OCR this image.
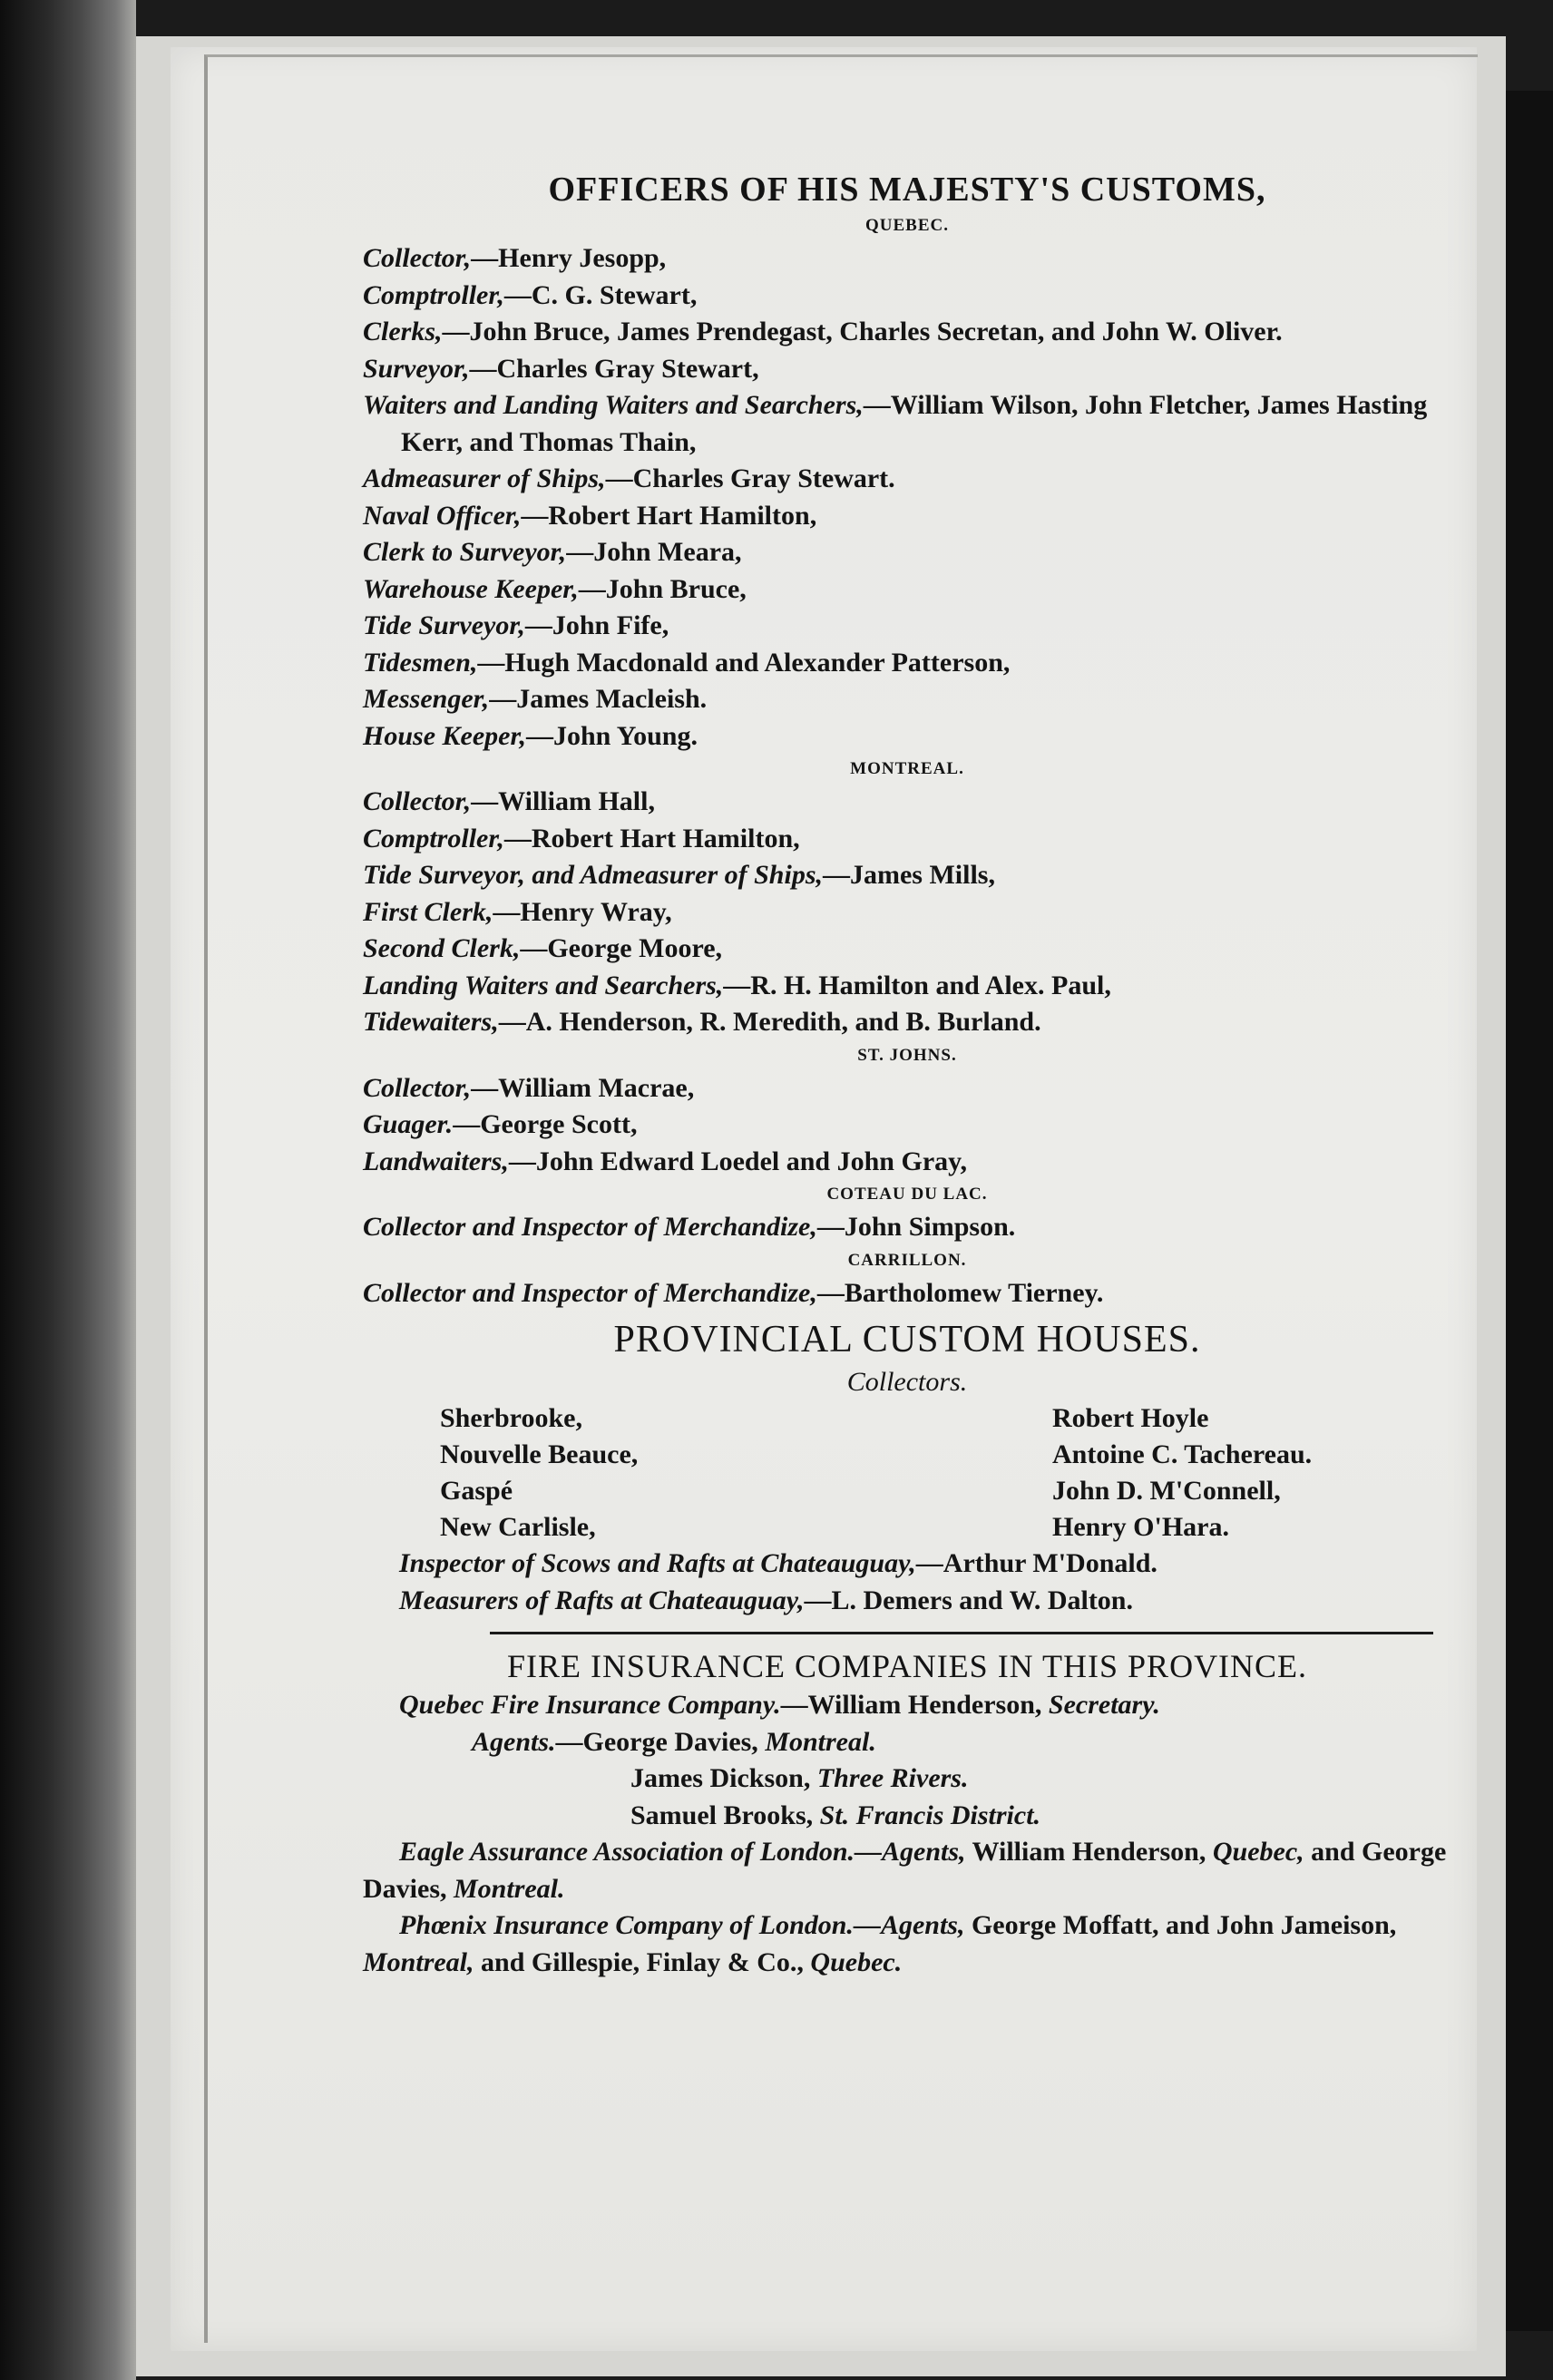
OFFICERS OF HIS MAJESTY'S CUSTOMS,
QUEBEC.
Collector,—Henry Jesopp,
Comptroller,—C. G. Stewart,
Clerks,—John Bruce, James Prendegast, Charles Secretan, and John W. Oliver.
Surveyor,—Charles Gray Stewart,
Waiters and Landing Waiters and Searchers,—William Wilson, John Fletcher, James Hasting Kerr, and Thomas Thain,
Admeasurer of Ships,—Charles Gray Stewart.
Naval Officer,—Robert Hart Hamilton,
Clerk to Surveyor,—John Meara,
Warehouse Keeper,—John Bruce,
Tide Surveyor,—John Fife,
Tidesmen,—Hugh Macdonald and Alexander Patterson,
Messenger,—James Macleish.
House Keeper,—John Young.
MONTREAL.
Collector,—William Hall,
Comptroller,—Robert Hart Hamilton,
Tide Surveyor, and Admeasurer of Ships,—James Mills,
First Clerk,—Henry Wray,
Second Clerk,—George Moore,
Landing Waiters and Searchers,—R. H. Hamilton and Alex. Paul,
Tidewaiters,—A. Henderson, R. Meredith, and B. Burland.
ST. JOHNS.
Collector,—William Macrae,
Guager.—George Scott,
Landwaiters,—John Edward Loedel and John Gray,
COTEAU DU LAC.
Collector and Inspector of Merchandize,—John Simpson.
CARRILLON.
Collector and Inspector of Merchandize,—Bartholomew Tierney.
PROVINCIAL CUSTOM HOUSES.
Collectors.
Sherbrooke,	Robert Hoyle
Nouvelle Beauce,	Antoine C. Tachereau.
Gaspé	John D. M'Connell,
New Carlisle,	Henry O'Hara.
Inspector of Scows and Rafts at Chateauguay,—Arthur M'Donald.
Measurers of Rafts at Chateauguay,—L. Demers and W. Dalton.
FIRE INSURANCE COMPANIES IN THIS PROVINCE.
Quebec Fire Insurance Company.—William Henderson, Secretary.
Agents.—George Davies, Montreal.
James Dickson, Three Rivers.
Samuel Brooks, St. Francis District.
Eagle Assurance Association of London.—Agents, William Henderson, Quebec, and George Davies, Montreal.
Phœnix Insurance Company of London.—Agents, George Moffatt, and John Jameison, Montreal, and Gillespie, Finlay & Co., Quebec.
